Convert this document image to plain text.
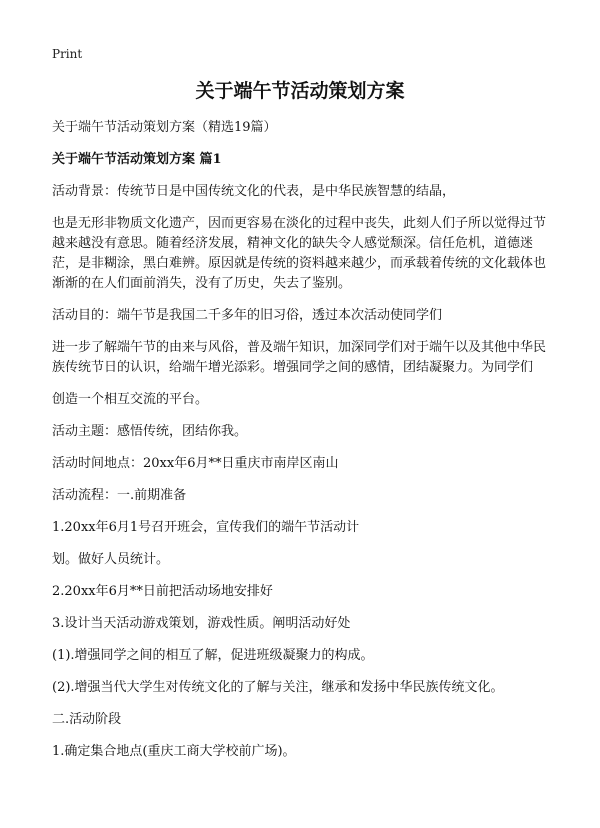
Print
关于端午节活动策划方案

关于端午节活动策划方案（精选19篇）

关于端午节活动策划方案 篇1

活动背景：传统节日是中国传统文化的代表，是中华民族智慧的结晶，

也是无形非物质文化遗产，因而更容易在淡化的过程中丧失，此刻人们子所以觉得过节越来越没有意思。随着经济发展，精神文化的缺失令人感觉颓深。信任危机，道德迷茫，是非糊涂，黑白难辨。原因就是传统的资料越来越少，而承载着传统的文化载体也渐渐的在人们面前消失，没有了历史，失去了鉴别。

活动目的：端午节是我国二千多年的旧习俗，透过本次活动使同学们

进一步了解端午节的由来与风俗，普及端午知识，加深同学们对于端午以及其他中华民族传统节日的认识，给端午增光添彩。增强同学之间的感情，团结凝聚力。为同学们

创造一个相互交流的平台。

活动主题：感悟传统，团结你我。

活动时间地点：20xx年6月**日重庆市南岸区南山

活动流程：一.前期准备

1.20xx年6月1号召开班会，宣传我们的端午节活动计

划。做好人员统计。

2.20xx年6月**日前把活动场地安排好

3.设计当天活动游戏策划，游戏性质。阐明活动好处

(1).增强同学之间的相互了解，促进班级凝聚力的构成。

(2).增强当代大学生对传统文化的了解与关注，继承和发扬中华民族传统文化。

二.活动阶段

1.确定集合地点(重庆工商大学校前广场)。
